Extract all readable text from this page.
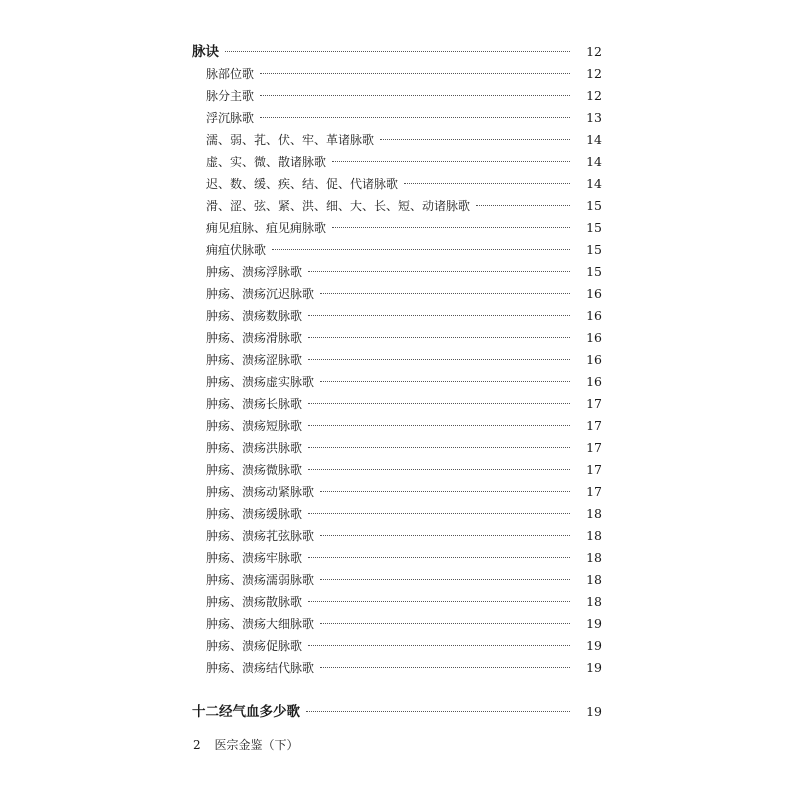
脉诀	12
脉部位歌	12
脉分主歌	12
浮沉脉歌	13
濡、弱、芤、伏、牢、革诸脉歌	14
虚、实、微、散诸脉歌	14
迟、数、缓、疾、结、促、代诸脉歌	14
滑、涩、弦、紧、洪、细、大、长、短、动诸脉歌	15
痈见疽脉、疽见痈脉歌	15
痈疽伏脉歌	15
肿疡、溃疡浮脉歌	15
肿疡、溃疡沉迟脉歌	16
肿疡、溃疡数脉歌	16
肿疡、溃疡滑脉歌	16
肿疡、溃疡涩脉歌	16
肿疡、溃疡虚实脉歌	16
肿疡、溃疡长脉歌	17
肿疡、溃疡短脉歌	17
肿疡、溃疡洪脉歌	17
肿疡、溃疡微脉歌	17
肿疡、溃疡动紧脉歌	17
肿疡、溃疡缓脉歌	18
肿疡、溃疡芤弦脉歌	18
肿疡、溃疡牢脉歌	18
肿疡、溃疡濡弱脉歌	18
肿疡、溃疡散脉歌	18
肿疡、溃疡大细脉歌	19
肿疡、溃疡促脉歌	19
肿疡、溃疡结代脉歌	19
十二经气血多少歌	19
2 医宗金鉴（下）
